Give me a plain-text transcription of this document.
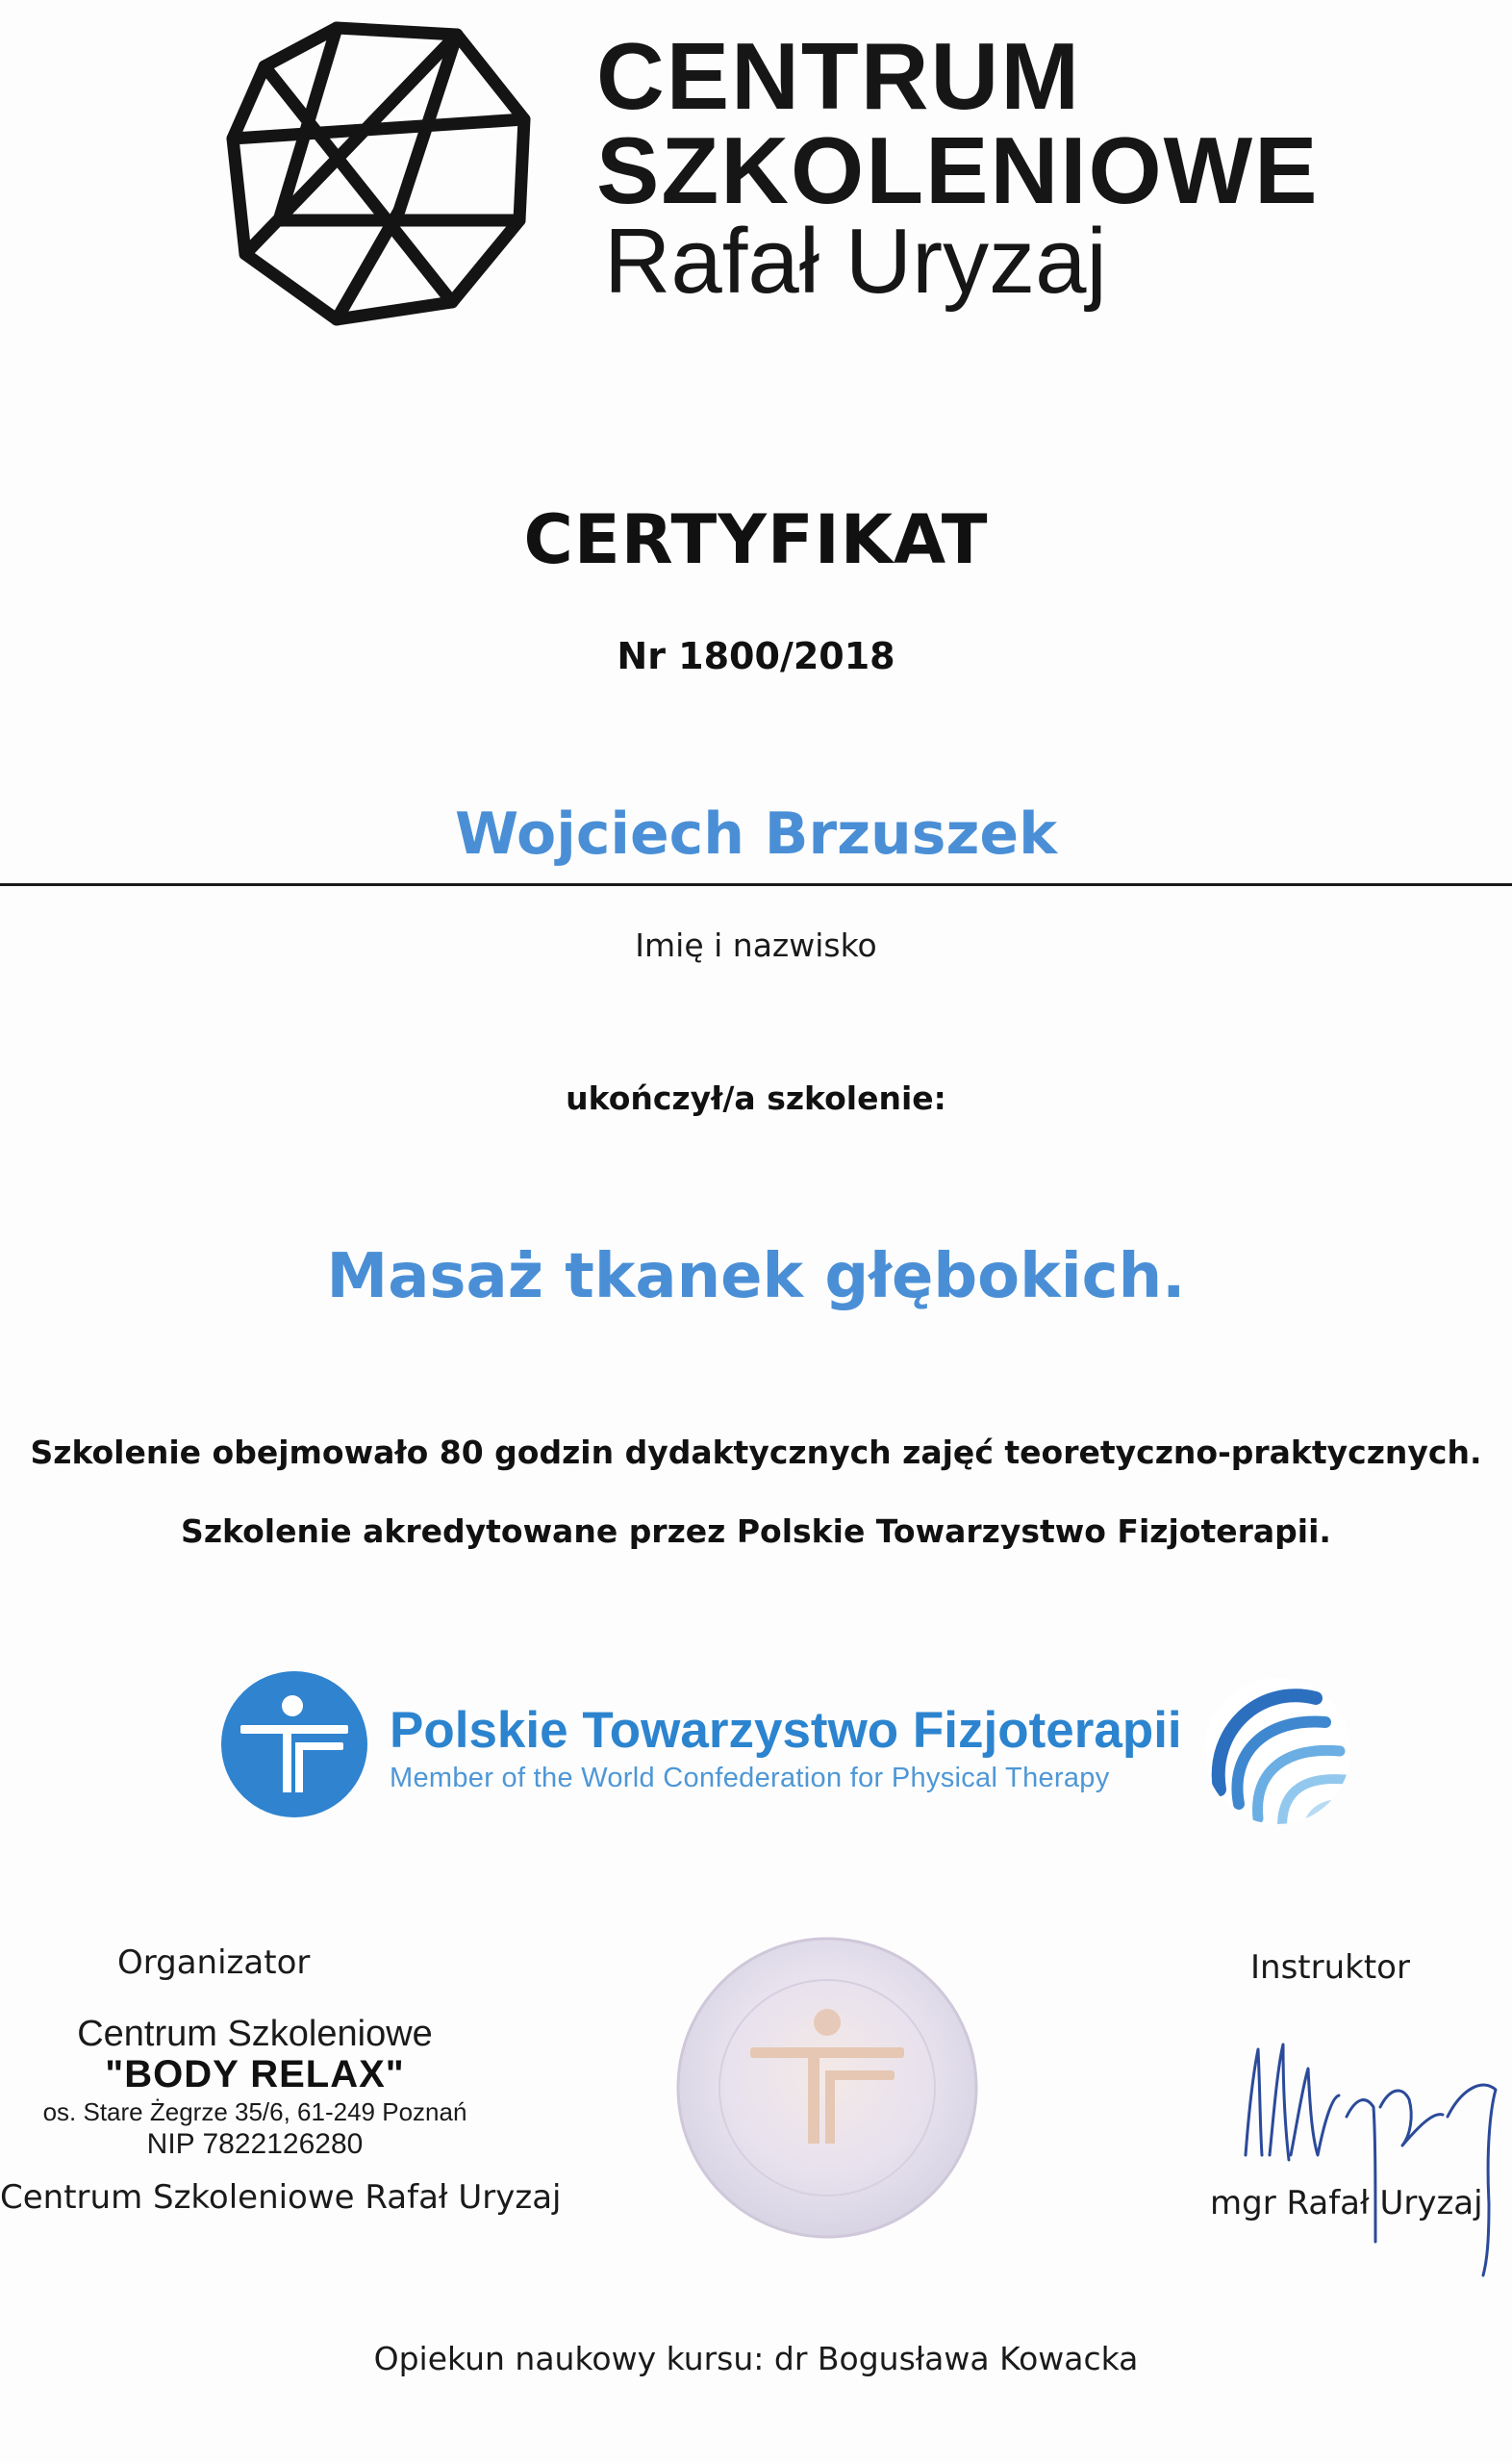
CENTRUM
SZKOLENIOWE
Rafał Uryzaj
CERTYFIKAT
Nr 1800/2018
Wojciech Brzuszek
Imię i nazwisko
ukończył/a szkolenie:
Masaż tkanek głębokich.
Szkolenie obejmowało 80 godzin dydaktycznych zajęć teoretyczno-praktycznych.
Szkolenie akredytowane przez Polskie Towarzystwo Fizjoterapii.
Polskie Towarzystwo Fizjoterapii
Member of the World Confederation for Physical Therapy
Organizator
Centrum Szkoleniowe
"BODY RELAX"
os. Stare Żegrze 35/6, 61-249 Poznań
NIP 7822126280
Centrum Szkoleniowe Rafał Uryzaj
Instruktor
mgr Rafał Uryzaj
Opiekun naukowy kursu: dr Bogusława Kowacka
